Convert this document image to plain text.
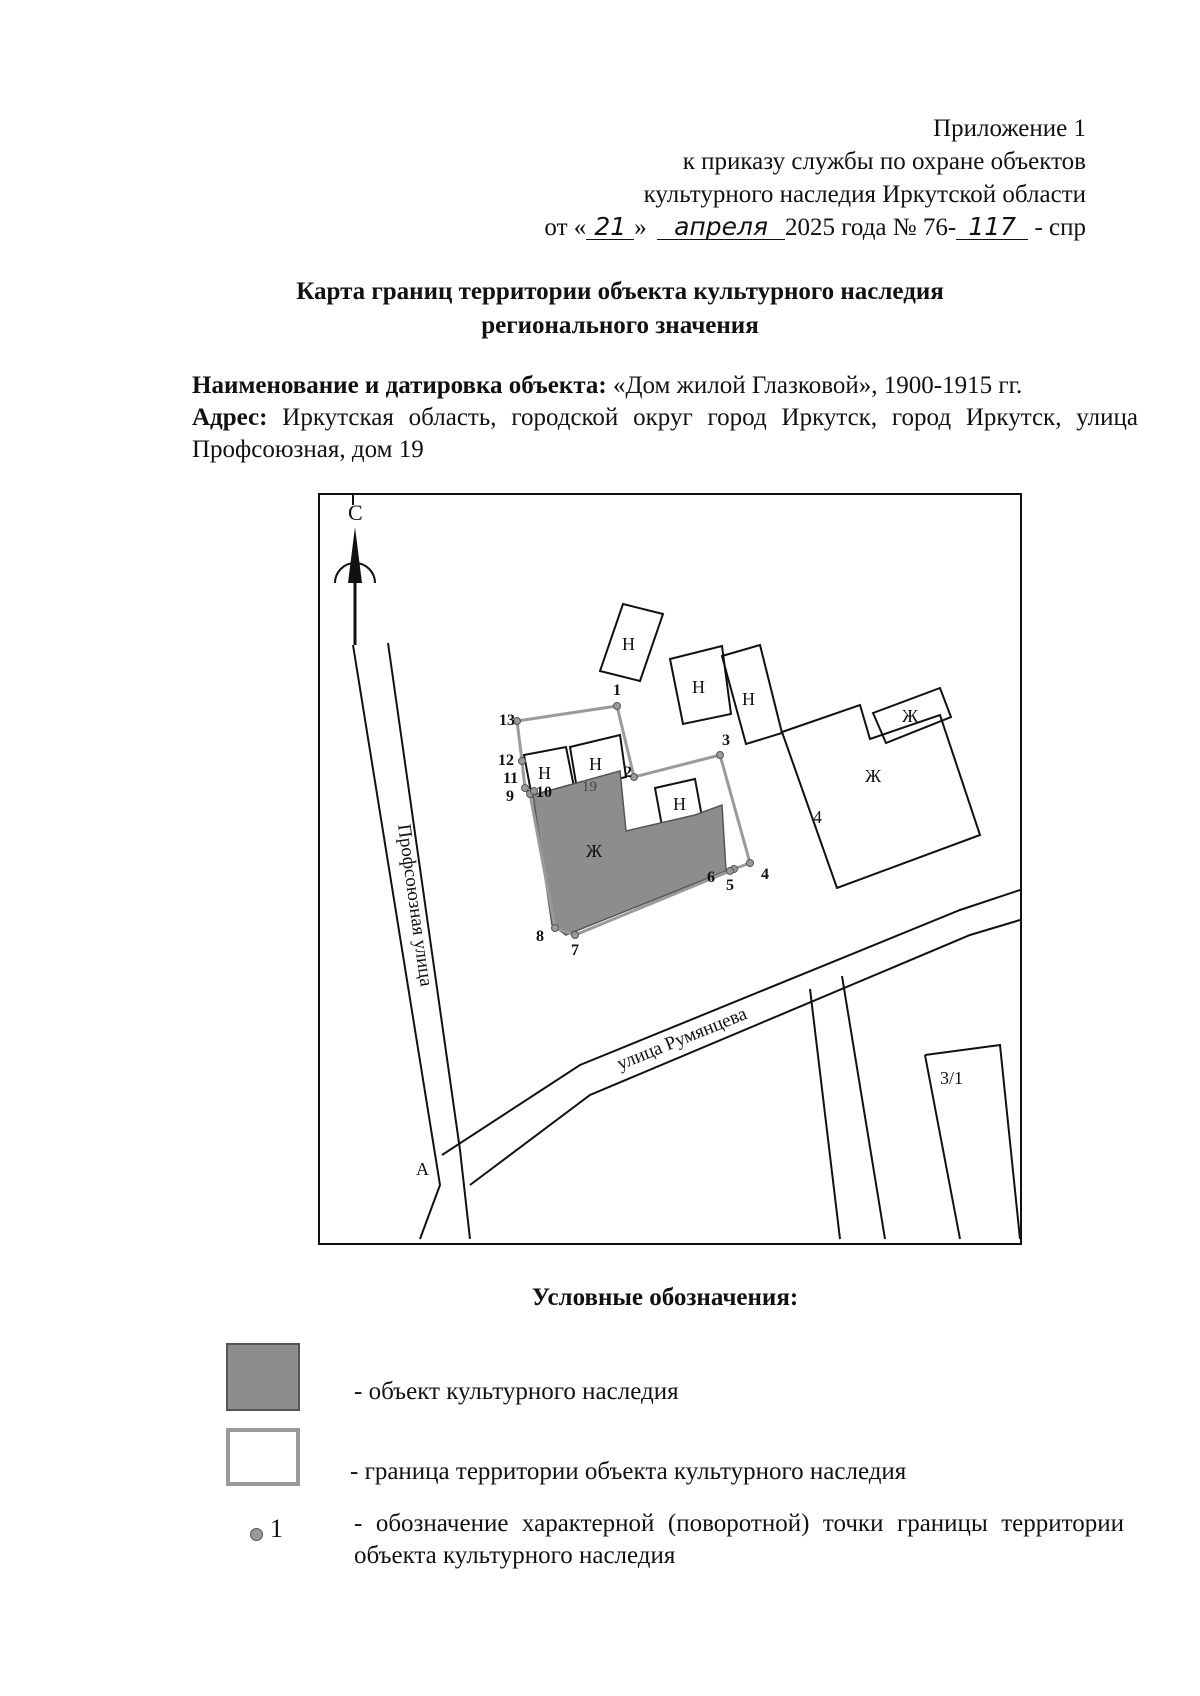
Приложение 1
к приказу службы по охране объектов
культурного наследия Иркутской области
от « 21 » апреля 2025 года № 76- 117 - спр
Карта границ территории объекта культурного наследия
регионального значения
Наименование и датировка объекта: «Дом жилой Глазковой», 1900-1915 гг.
Адрес: Иркутская область, городской округ город Иркутск, город Иркутск, улица Профсоюзная, дом 19
С
А
Профсоюзная улица
улица Румянцева
Н
Н
Н
Ж
Ж
4
Н Н
Н
19
Ж
3/1
1
2
3
4
5
6
7
8
9 10
11
12
13
Условные обозначения:
- объект культурного наследия
- граница территории объекта культурного наследия
1	- обозначение характерной (поворотной) точки границы территории объекта культурного наследия
